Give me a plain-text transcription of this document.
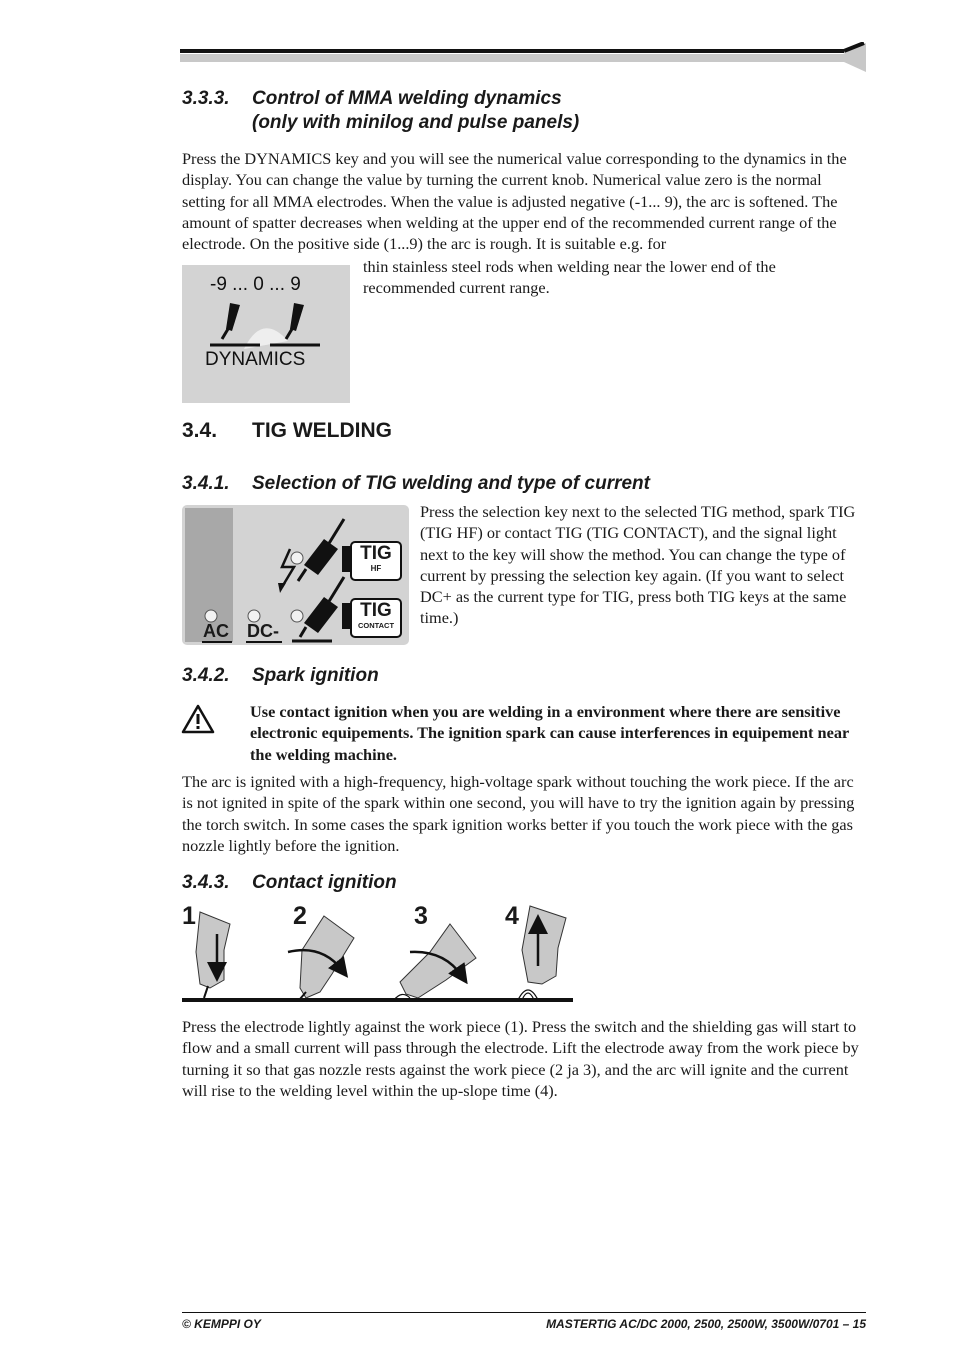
3.3.3. Control of MMA welding dynamics
(only with minilog and pulse panels)
Press the DYNAMICS key and you will see the numerical value corresponding to the dynamics in the display. You can change the value by turning the current knob. Numerical value zero is the normal setting for all MMA electrodes. When the value is adjusted negative (-1... 9), the arc is softened. The amount of spatter decreases when welding at the upper end of the recommended current range of the electrode. On the positive side (1...9) the arc is rough. It is suitable e.g. for
-9 ... 0 ... 9
DYNAMICS
thin stainless steel rods when welding near the lower end of the recommended current range.
3.4. TIG WELDING
3.4.1. Selection of TIG welding and type of current
TIG
HF
TIG
CONTACT
AC DC-
Press the selection key next to the selected TIG method, spark TIG (TIG HF) or contact TIG (TIG CONTACT), and the signal light next to the key will show the method. You can change the type of current by pressing the selection key again. (If you want to select DC+ as the current type for TIG, press both TIG keys at the same time.)
3.4.2. Spark ignition
Use contact ignition when you are welding in a environment where there are sensitive electronic equipements. The ignition spark can cause interferences in equipement near the welding machine.
The arc is ignited with a high-frequency, high-voltage spark without touching the work piece. If the arc is not ignited in spite of the spark within one second, you will have to try the ignition again by pressing the torch switch. In some cases the spark ignition works better if you touch the work piece with the gas nozzle lightly before the ignition.
3.4.3. Contact ignition
1	2	3	4
Press the electrode lightly against the work piece (1). Press the switch and the shielding gas will start to flow and a small current will pass through the electrode. Lift the electrode away from the work piece by turning it so that gas nozzle rests against the work piece (2 ja 3), and the arc will ignite and the current will rise to the welding level within the up-slope time (4).
© KEMPPI OY	MASTERTIG AC/DC 2000, 2500, 2500W, 3500W/0701 – 15
